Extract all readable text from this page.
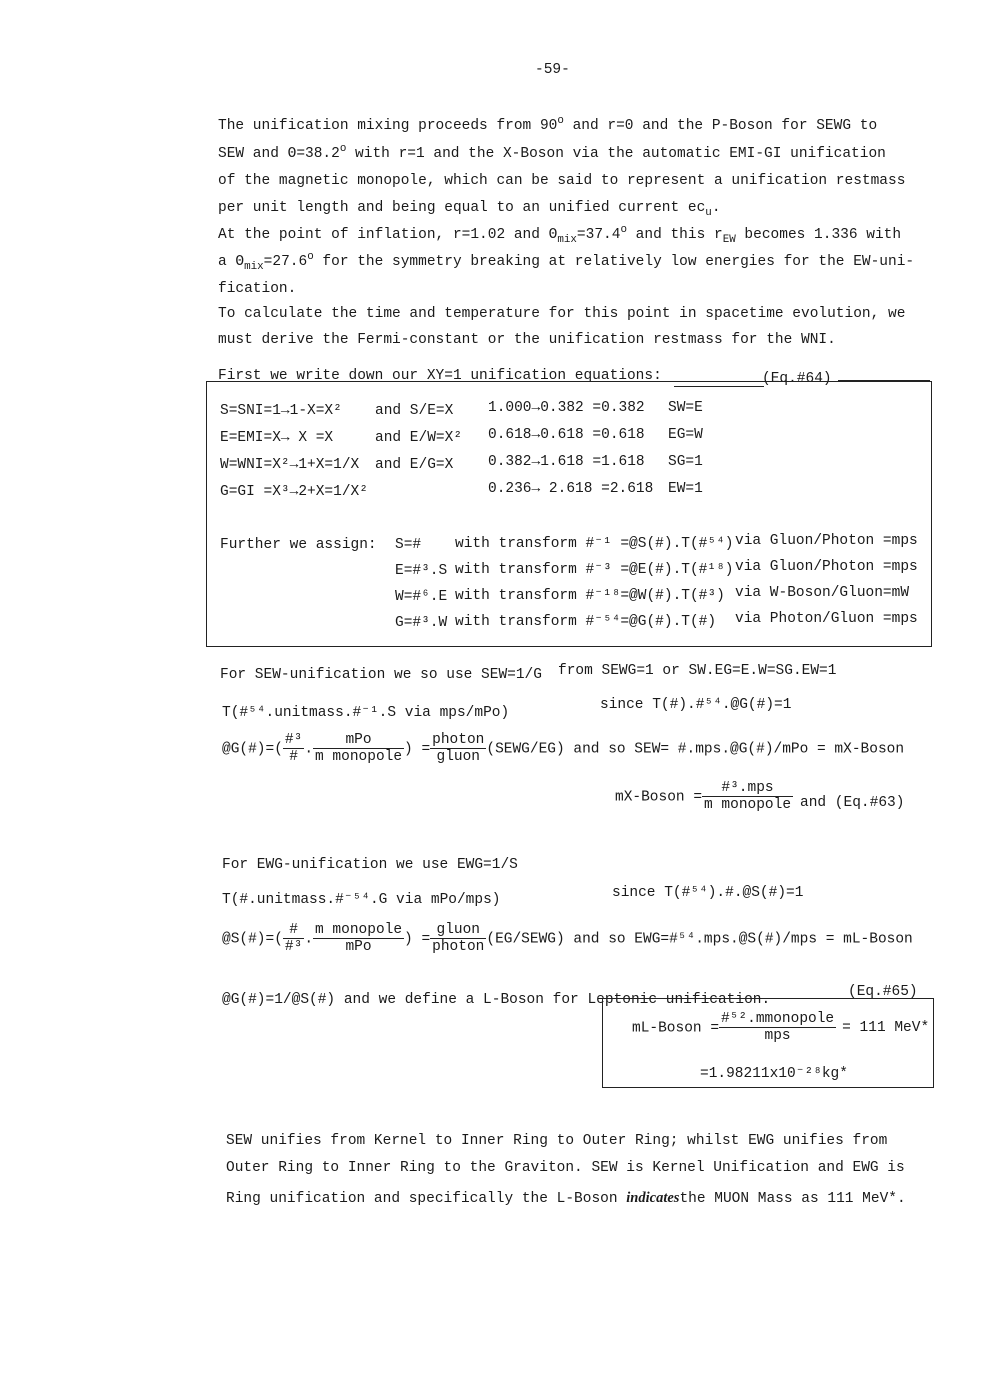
-59-
The unification mixing proceeds from 90$^o$ and r=0 and the P-Boson for SEWG to
SEW and $\Theta=38.2^o$ with r=1 and the X-Boson via the automatic EMI-GI unification
of the magnetic monopole, which can be said to represent a unification restmass
per unit length and being equal to an unified current $ec_u$.
At the point of inflation, r=1.02 and $\Theta_{mix}=37.4^o$ and this $r_{EW}$ becomes 1.336 with
a $\Theta_{mix}=27.6^o$ for the symmetry breaking at relatively low energies for the EW-uni-
fication.
To calculate the time and temperature for this point in spacetime evolution, we
must derive the Fermi-constant or the unification restmass for the WNI.
First we write down our XY=1 unification equations:	(Eq.#64)
S=SNI=1→1-X=X² and S/E=X 1.000→0.382 =0.382 SW=E
E=EMI=X→ X =X	and E/W=X² 0.618→0.618 =0.618 EG=W
W=WNI=X²→1+X=1/X and E/G=X 0.382→1.618 =1.618 SG=1
G=GI =X³→2+X=1/X²	0.236→ 2.618 =2.618 EW=1
Further we assign: S=# with transform #⁻¹ =@S(#).T(#⁵⁴) via Gluon/Photon =mps
E=#³.S with transform #⁻³ =@E(#).T(#¹⁸) via Gluon/Photon =mps
W=#⁶.E with transform #⁻¹⁸=@W(#).T(#³) via W-Boson/Gluon=mW
G=#³.W with transform #⁻⁵⁴=@G(#).T(#) via Photon/Gluon =mps
For SEW-unification we so use SEW=1/G from SEWG=1 or SW.EG=E.W=SG.EW=1
T(#⁵⁴.unitmass.#⁻¹.S via mps/mPo)	since T(#).#⁵⁴.@G(#)=1
@G(#)=( $\frac{\text{\#³}}{\#}$ . $\frac{\text{mPo}}{\text{m monopole}}$ ) = $\frac{\text{photon}}{\text{gluon}}$ (SEWG/EG) and so SEW= #.mps.@G(#)/mPo = mX-Boson
mX-Boson = $\frac{\text{\#³.mps}}{\text{m monopole}}$ and (Eq.#63)
For EWG-unification we use EWG=1/S
T(#.unitmass.#⁻⁵⁴.G via mPo/mps)	since T(#⁵⁴).#.@S(#)=1
@S(#)=( $\frac{\#}{\text{\#³}}$ . $\frac{\text{m monopole}}{\text{mPo}}$ ) = $\frac{\text{gluon}}{\text{photon}}$ (EG/SEWG) and so EWG=#⁵⁴.mps.@S(#)/mps = mL-Boson
@G(#)=1/@S(#) and we define a L-Boson for Leptonic unification.	(Eq.#65)
mL-Boson = $\frac{\text{\#⁵².mmonopole}}{\text{mps}} = 111$ MeV*
=1.98211x10⁻²⁸kg*
SEW unifies from Kernel to Inner Ring to Outer Ring; whilst EWG unifies from
Outer Ring to Inner Ring to the Graviton. SEW is Kernel Unification and EWG is
Ring unification and specifically the L-Boson indicatesthe MUON Mass as 111 MeV*.
